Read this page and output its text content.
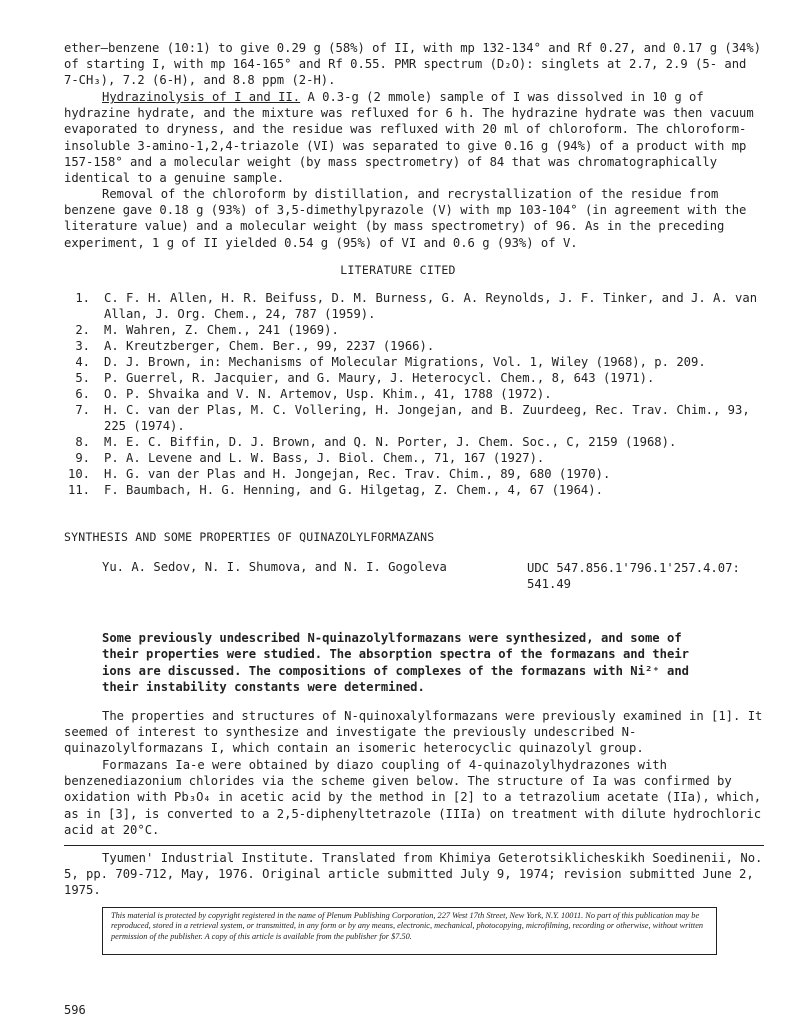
ether—benzene (10:1) to give 0.29 g (58%) of II, with mp 132-134° and Rf 0.27, and 0.17 g (34%) of starting I, with mp 164-165° and Rf 0.55. PMR spectrum (D₂O): singlets at 2.7, 2.9 (5- and 7-CH₃), 7.2 (6-H), and 8.8 ppm (2-H).

Hydrazinolysis of I and II. A 0.3-g (2 mmole) sample of I was dissolved in 10 g of hydrazine hydrate, and the mixture was refluxed for 6 h. The hydrazine hydrate was then vacuum evaporated to dryness, and the residue was refluxed with 20 ml of chloroform. The chloroform-insoluble 3-amino-1,2,4-triazole (VI) was separated to give 0.16 g (94%) of a product with mp 157-158° and a molecular weight (by mass spectrometry) of 84 that was chromatographically identical to a genuine sample.

Removal of the chloroform by distillation, and recrystallization of the residue from benzene gave 0.18 g (93%) of 3,5-dimethylpyrazole (V) with mp 103-104° (in agreement with the literature value) and a molecular weight (by mass spectrometry) of 96. As in the preceding experiment, 1 g of II yielded 0.54 g (95%) of VI and 0.6 g (93%) of V.

LITERATURE CITED
1. C. F. H. Allen, H. R. Beifuss, D. M. Burness, G. A. Reynolds, J. F. Tinker, and J. A. van Allan, J. Org. Chem., 24, 787 (1959).
2. M. Wahren, Z. Chem., 241 (1969).
3. A. Kreutzberger, Chem. Ber., 99, 2237 (1966).
4. D. J. Brown, in: Mechanisms of Molecular Migrations, Vol. 1, Wiley (1968), p. 209.
5. P. Guerrel, R. Jacquier, and G. Maury, J. Heterocycl. Chem., 8, 643 (1971).
6. O. P. Shvaika and V. N. Artemov, Usp. Khim., 41, 1788 (1972).
7. H. C. van der Plas, M. C. Vollering, H. Jongejan, and B. Zuurdeeg, Rec. Trav. Chim., 93, 225 (1974).
8. M. E. C. Biffin, D. J. Brown, and Q. N. Porter, J. Chem. Soc., C, 2159 (1968).
9. P. A. Levene and L. W. Bass, J. Biol. Chem., 71, 167 (1927).
10. H. G. van der Plas and H. Jongejan, Rec. Trav. Chim., 89, 680 (1970).
11. F. Baumbach, H. G. Henning, and G. Hilgetag, Z. Chem., 4, 67 (1964).
SYNTHESIS AND SOME PROPERTIES OF QUINAZOLYLFORMAZANS
Yu. A. Sedov, N. I. Shumova, and N. I. Gogoleva	UDC 547.856.1'796.1'257.4.07: 541.49

Some previously undescribed N-quinazolylformazans were synthesized, and some of their properties were studied. The absorption spectra of the formazans and their ions are discussed. The compositions of complexes of the formazans with Ni²⁺ and their instability constants were determined.

The properties and structures of N-quinoxalylformazans were previously examined in [1]. It seemed of interest to synthesize and investigate the previously undescribed N-quinazolylformazans I, which contain an isomeric heterocyclic quinazolyl group.

Formazans Ia-e were obtained by diazo coupling of 4-quinazolylhydrazones with benzenediazonium chlorides via the scheme given below. The structure of Ia was confirmed by oxidation with Pb₃O₄ in acetic acid by the method in [2] to a tetrazolium acetate (IIa), which, as in [3], is converted to a 2,5-diphenyltetrazole (IIIa) on treatment with dilute hydrochloric acid at 20°C.

Tyumen' Industrial Institute. Translated from Khimiya Geterotsiklicheskikh Soedinenii, No. 5, pp. 709-712, May, 1976. Original article submitted July 9, 1974; revision submitted June 2, 1975.

This material is protected by copyright registered in the name of Plenum Publishing Corporation, 227 West 17th Street, New York, N.Y. 10011. No part of this publication may be reproduced, stored in a retrieval system, or transmitted, in any form or by any means, electronic, mechanical, photocopying, microfilming, recording or otherwise, without written permission of the publisher. A copy of this article is available from the publisher for $7.50.
596
